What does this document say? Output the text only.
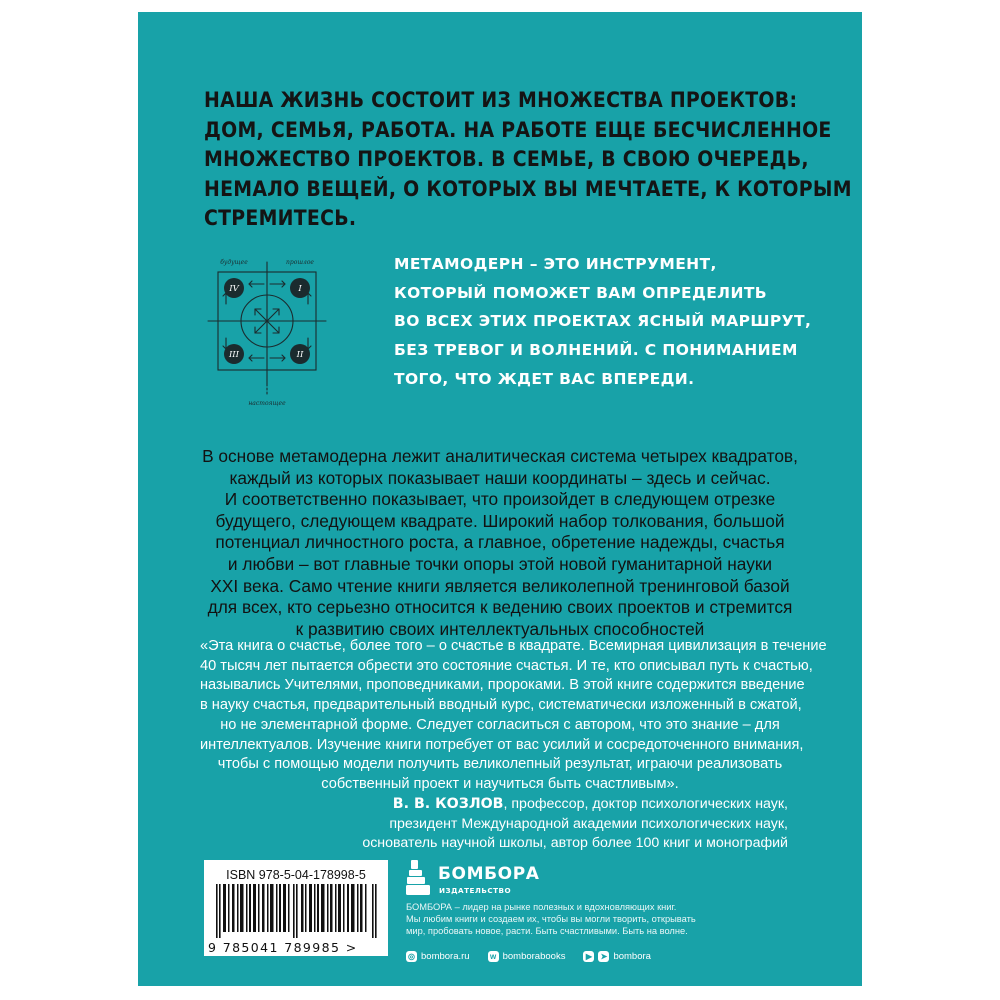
НАША ЖИЗНЬ СОСТОИТ ИЗ МНОЖЕСТВА ПРОЕКТОВ:
ДОМ, СЕМЬЯ, РАБОТА. НА РАБОТЕ ЕЩЕ БЕСЧИСЛЕННОЕ
МНОЖЕСТВО ПРОЕКТОВ. В СЕМЬЕ, В СВОЮ ОЧЕРЕДЬ,
НЕМАЛО ВЕЩЕЙ, О КОТОРЫХ ВЫ МЕЧТАЕТЕ, К КОТОРЫМ
СТРЕМИТЕСЬ.

IV	I
III	II
будущее	прошлое
настоящее

МЕТАМОДЕРН – ЭТО ИНСТРУМЕНТ,
КОТОРЫЙ ПОМОЖЕТ ВАМ ОПРЕДЕЛИТЬ
ВО ВСЕХ ЭТИХ ПРОЕКТАХ ЯСНЫЙ МАРШРУТ,
БЕЗ ТРЕВОГ И ВОЛНЕНИЙ. С ПОНИМАНИЕМ
ТОГО, ЧТО ЖДЕТ ВАС ВПЕРЕДИ.

В основе метамодерна лежит аналитическая система четырех квадратов,
каждый из которых показывает наши координаты – здесь и сейчас.
И соответственно показывает, что произойдет в следующем отрезке
будущего, следующем квадрате. Широкий набор толкования, большой
потенциал личностного роста, а главное, обретение надежды, счастья
и любви – вот главные точки опоры этой новой гуманитарной науки
XXI века. Само чтение книги является великолепной тренинговой базой
для всех, кто серьезно относится к ведению своих проектов и стремится
к развитию своих интеллектуальных способностей

«Эта книга о счастье, более того – о счастье в квадрате. Всемирная цивилизация в течение
40 тысяч лет пытается обрести это состояние счастья. И те, кто описывал путь к счастью,
назывались Учителями, проповедниками, пророками. В этой книге содержится введение
в науку счастья, предварительный вводный курс, систематически изложенный в сжатой,
но не элементарной форме. Следует согласиться с автором, что это знание – для
интеллектуалов. Изучение книги потребует от вас усилий и сосредоточенного внимания,
чтобы с помощью модели получить великолепный результат, играючи реализовать
собственный проект и научиться быть счастливым».

В. В. КОЗЛОВ, профессор, доктор психологических наук,
президент Международной академии психологических наук,
основатель научной школы, автор более 100 книг и монографий

ISBN 978-5-04-178998-5
9 785041 789985 >
БОМБОРА
ИЗДАТЕЛЬСТВО

БОМБОРА – лидер на рынке полезных и вдохновляющих книг.
Мы любим книги и создаем их, чтобы вы могли творить, открывать
мир, пробовать новое, расти. Быть счастливыми. Быть на волне.

◎ bombora.ru	w bomborabooks	▶	➤ bombora
